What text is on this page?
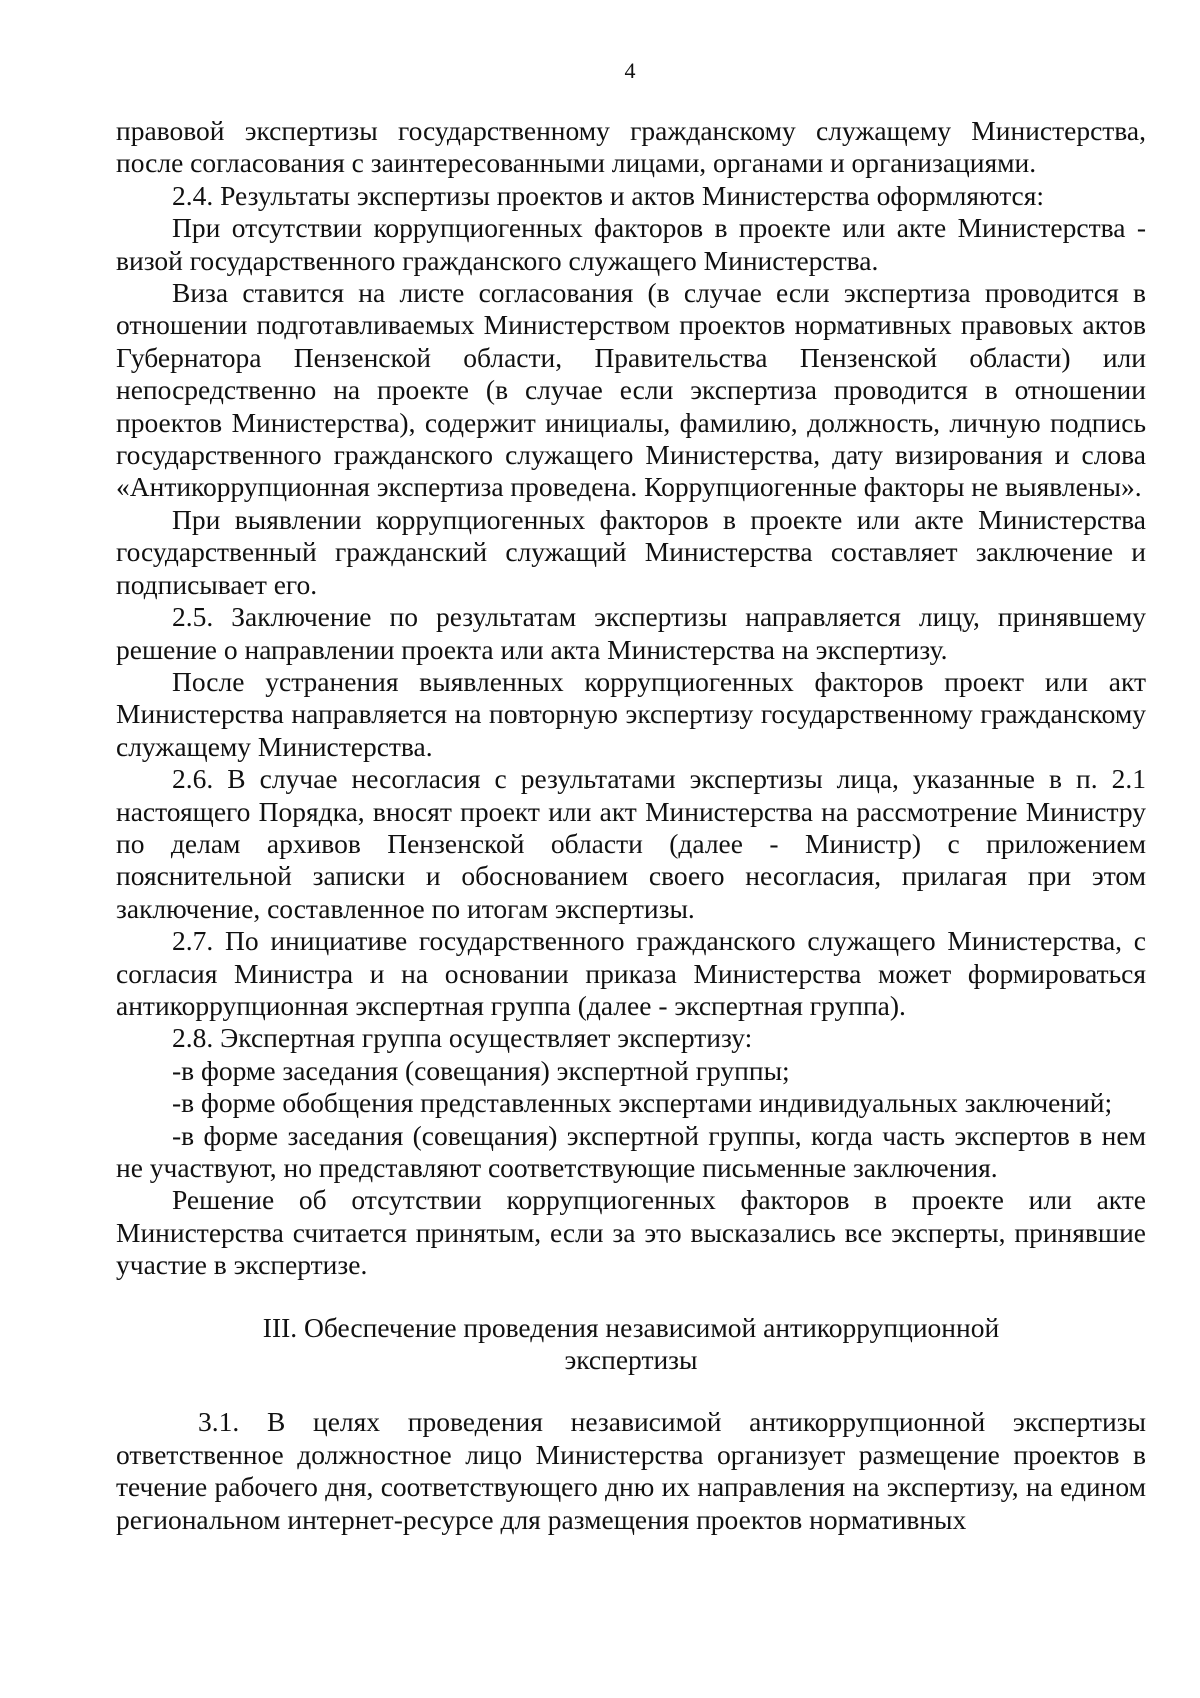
4

правовой экспертизы государственному гражданскому служащему Министерства, после согласования с заинтересованными лицами, органами и организациями.

2.4. Результаты экспертизы проектов и актов Министерства оформляются:

При отсутствии коррупциогенных факторов в проекте или акте Министерства - визой государственного гражданского служащего Министерства.

Виза ставится на листе согласования (в случае если экспертиза проводится в отношении подготавливаемых Министерством проектов нормативных правовых актов Губернатора Пензенской области, Правительства Пензенской области) или непосредственно на проекте (в случае если экспертиза проводится в отношении проектов Министерства), содержит инициалы, фамилию, должность, личную подпись государственного гражданского служащего Министерства, дату визирования и слова «Антикоррупционная экспертиза проведена. Коррупциогенные факторы не выявлены».

При выявлении коррупциогенных факторов в проекте или акте Министерства государственный гражданский служащий Министерства составляет заключение и подписывает его.

2.5. Заключение по результатам экспертизы направляется лицу, принявшему решение о направлении проекта или акта Министерства на экспертизу.

После устранения выявленных коррупциогенных факторов проект или акт Министерства направляется на повторную экспертизу государственному гражданскому служащему Министерства.

2.6. В случае несогласия с результатами экспертизы лица, указанные в п. 2.1 настоящего Порядка, вносят проект или акт Министерства на рассмотрение Министру по делам архивов Пензенской области (далее - Министр) с приложением пояснительной записки и обоснованием своего несогласия, прилагая при этом заключение, составленное по итогам экспертизы.

2.7. По инициативе государственного гражданского служащего Министерства, с согласия Министра и на основании приказа Министерства может формироваться антикоррупционная экспертная группа (далее - экспертная группа).

2.8. Экспертная группа осуществляет экспертизу:

-в форме заседания (совещания) экспертной группы;

-в форме обобщения представленных экспертами индивидуальных заключений;

-в форме заседания (совещания) экспертной группы, когда часть экспертов в нем не участвуют, но представляют соответствующие письменные заключения.

Решение об отсутствии коррупциогенных факторов в проекте или акте Министерства считается принятым, если за это высказались все эксперты, принявшие участие в экспертизе.

III. Обеспечение проведения независимой антикоррупционной
экспертизы

3.1. В целях проведения независимой антикоррупционной экспертизы ответственное должностное лицо Министерства организует размещение проектов в течение рабочего дня, соответствующего дню их направления на экспертизу, на едином региональном интернет-ресурсе для размещения проектов нормативных
